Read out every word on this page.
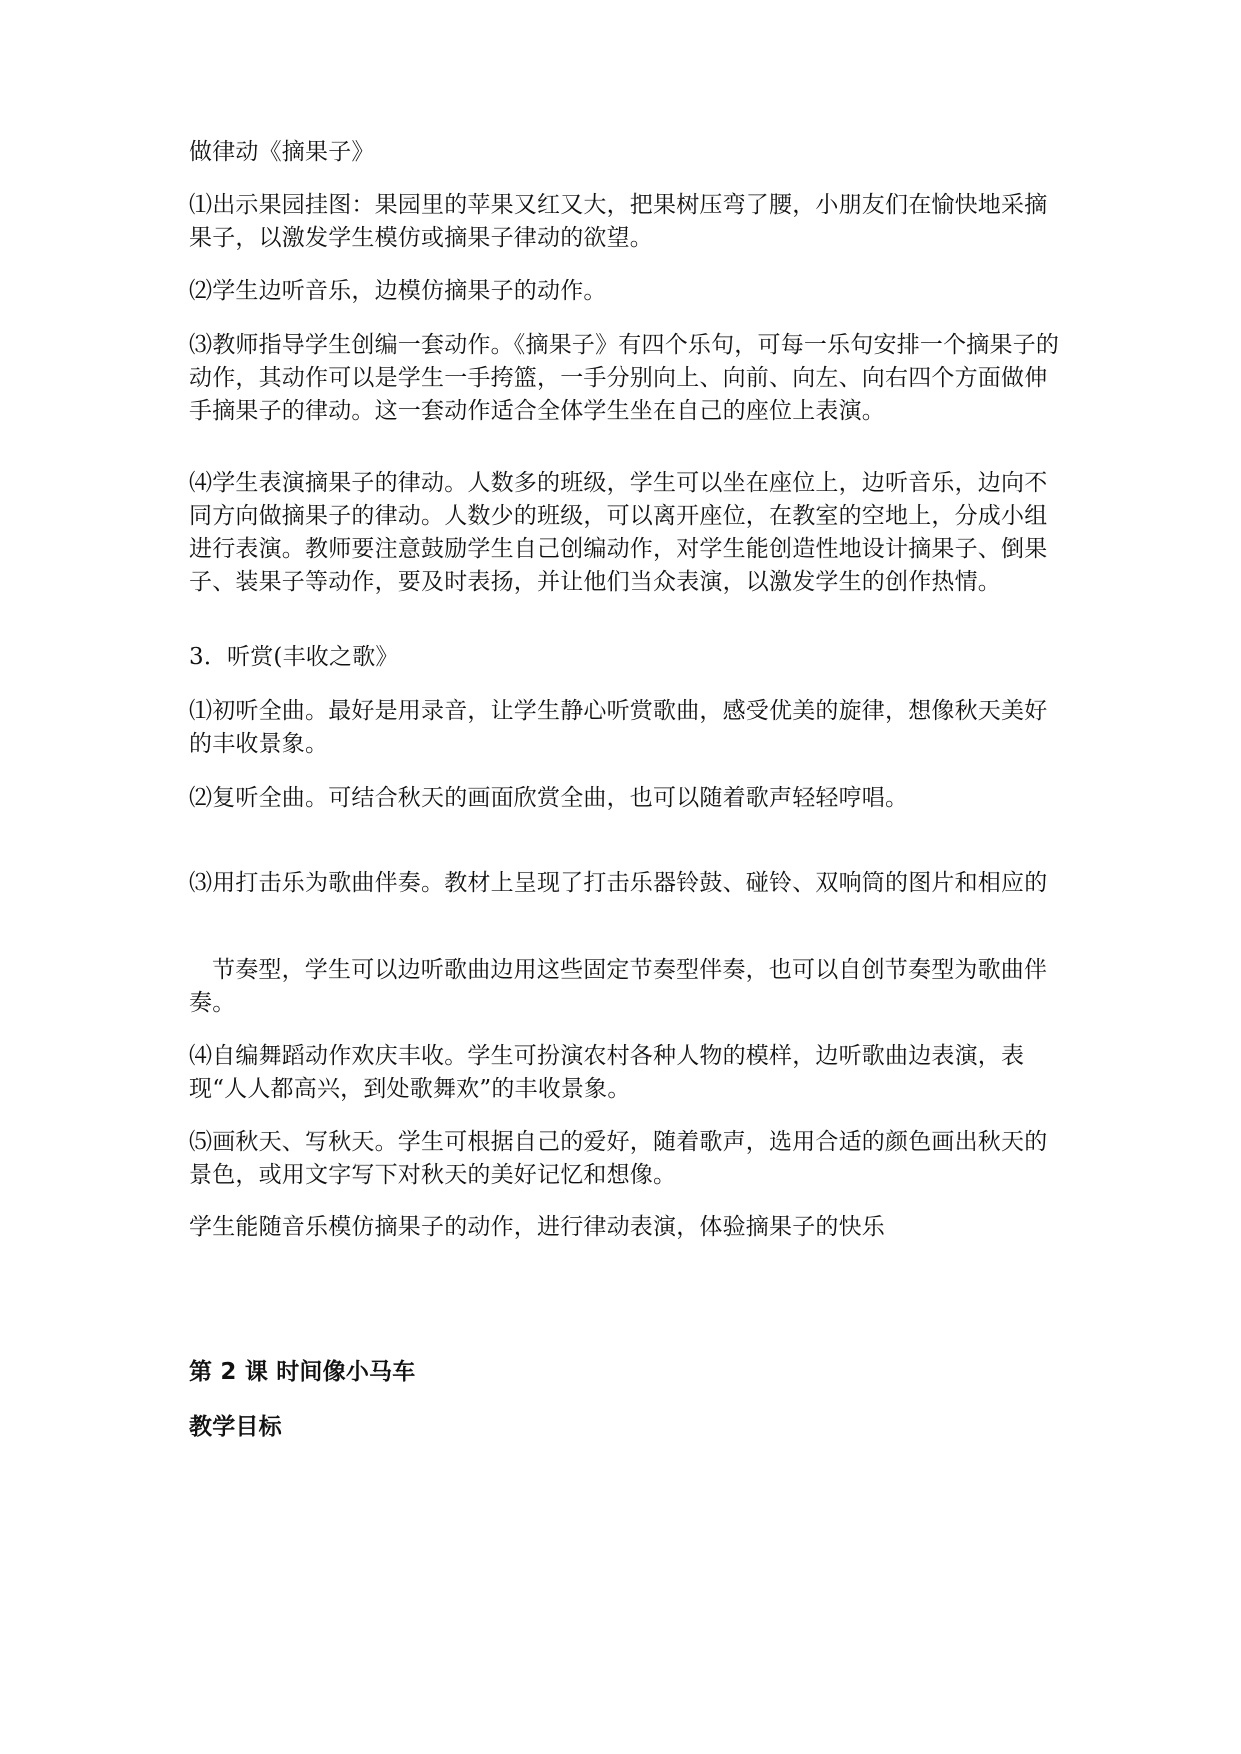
做律动《摘果子》

⑴出示果园挂图：果园里的苹果又红又大，把果树压弯了腰，小朋友们在愉快地采摘果子，以激发学生模仿或摘果子律动的欲望。

⑵学生边听音乐，边模仿摘果子的动作。

⑶教师指导学生创编一套动作。《摘果子》有四个乐句，可每一乐句安排一个摘果子的动作，其动作可以是学生一手挎篮，一手分别向上、向前、向左、向右四个方面做伸手摘果子的律动。这一套动作适合全体学生坐在自己的座位上表演。

⑷学生表演摘果子的律动。人数多的班级，学生可以坐在座位上，边听音乐，边向不同方向做摘果子的律动。人数少的班级，可以离开座位，在教室的空地上，分成小组进行表演。教师要注意鼓励学生自己创编动作，对学生能创造性地设计摘果子、倒果子、装果子等动作，要及时表扬，并让他们当众表演，以激发学生的创作热情。

3．听赏(丰收之歌》

⑴初听全曲。最好是用录音，让学生静心听赏歌曲，感受优美的旋律，想像秋天美好的丰收景象。

⑵复听全曲。可结合秋天的画面欣赏全曲，也可以随着歌声轻轻哼唱。

⑶用打击乐为歌曲伴奏。教材上呈现了打击乐器铃鼓、碰铃、双响筒的图片和相应的

节奏型，学生可以边听歌曲边用这些固定节奏型伴奏，也可以自创节奏型为歌曲伴奏。

⑷自编舞蹈动作欢庆丰收。学生可扮演农村各种人物的模样，边听歌曲边表演，表现“人人都高兴，到处歌舞欢”的丰收景象。

⑸画秋天、写秋天。学生可根据自己的爱好，随着歌声，选用合适的颜色画出秋天的景色，或用文字写下对秋天的美好记忆和想像。

学生能随音乐模仿摘果子的动作，进行律动表演，体验摘果子的快乐

第 2 课 时间像小马车

教学目标
